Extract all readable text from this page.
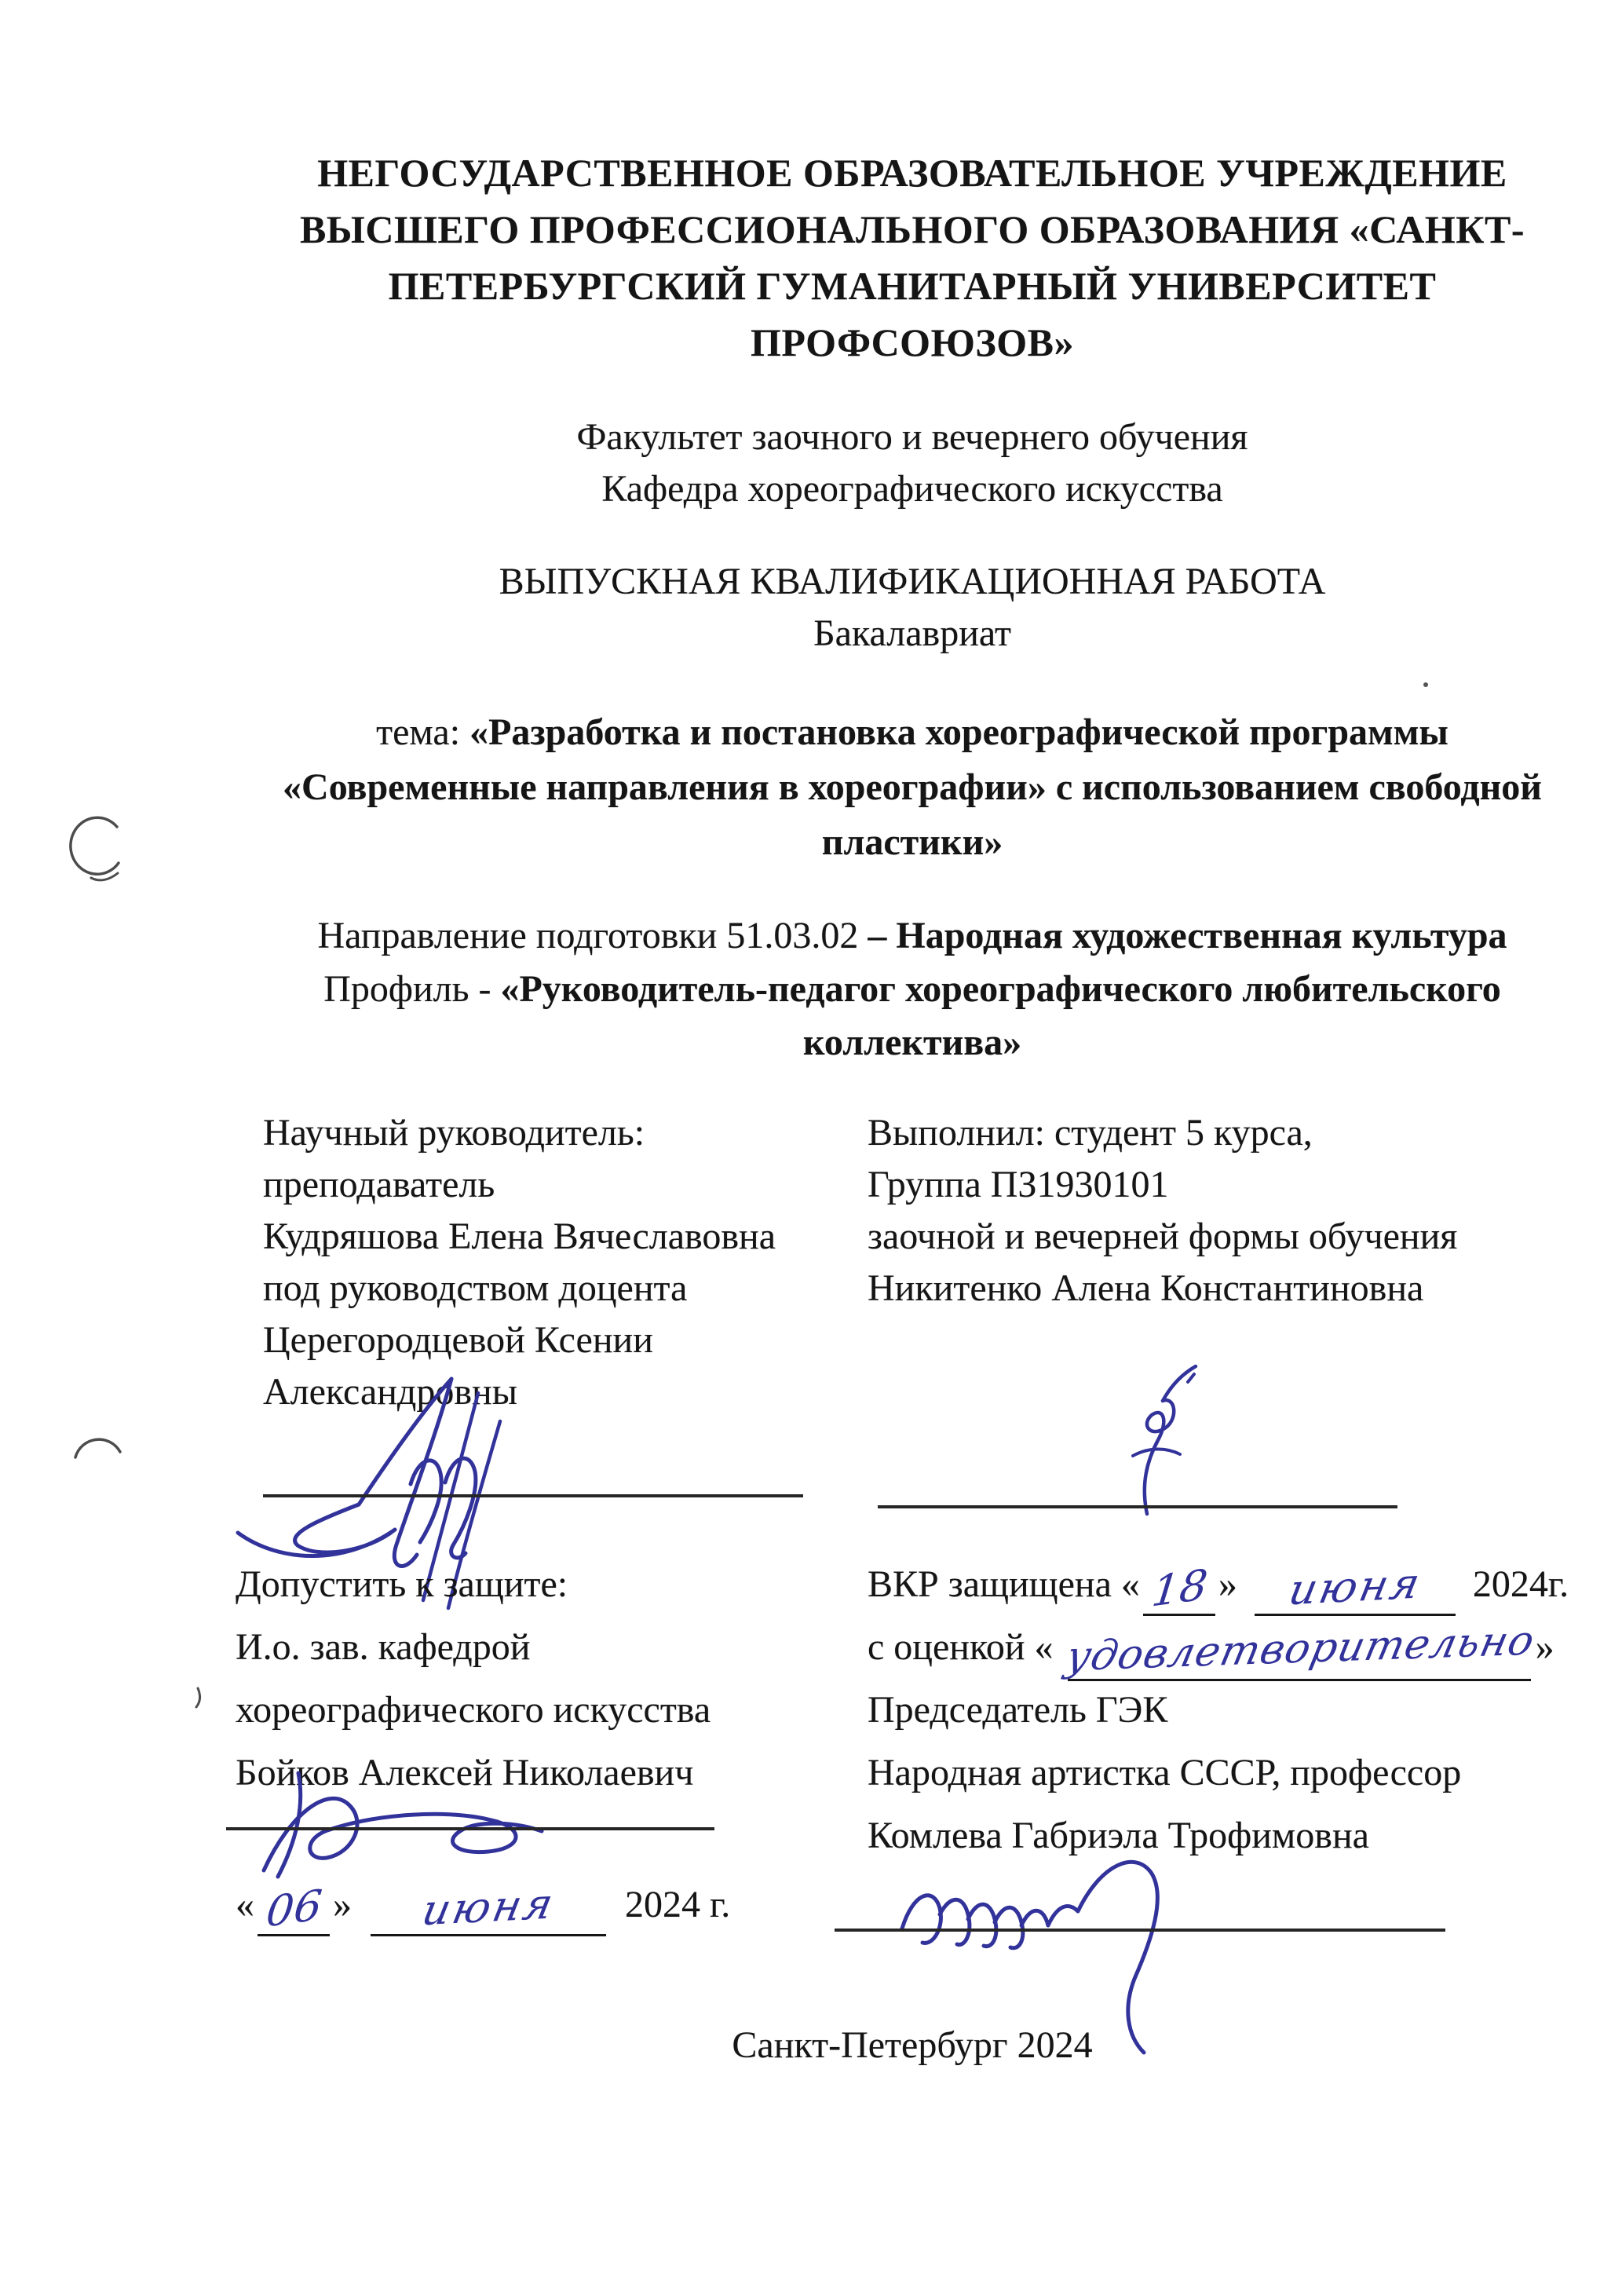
НЕГОСУДАРСТВЕННОЕ ОБРАЗОВАТЕЛЬНОЕ УЧРЕЖДЕНИЕ
ВЫСШЕГО ПРОФЕССИОНАЛЬНОГО ОБРАЗОВАНИЯ «САНКТ-
ПЕТЕРБУРГСКИЙ ГУМАНИТАРНЫЙ УНИВЕРСИТЕТ
ПРОФСОЮЗОВ»
Факультет заочного и вечернего обучения
Кафедра хореографического искусства
ВЫПУСКНАЯ КВАЛИФИКАЦИОННАЯ РАБОТА
Бакалавриат
тема: «Разработка и постановка хореографической программы
«Современные направления в хореографии» с использованием свободной
пластики»
Направление подготовки 51.03.02 – Народная художественная культура
Профиль - «Руководитель-педагог хореографического любительского
коллектива»
Научный руководитель:
преподаватель
Кудряшова Елена Вячеславовна
под руководством доцента
Церегородцевой Ксении
Александровны
Выполнил: студент 5 курса,
Группа ПЗ1930101
заочной и вечерней формы обучения
Никитенко Алена Константиновна
Допустить к защите:
И.о. зав. кафедрой
хореографического искусства
Бойков Алексей Николаевич
ВКР защищена « 18 » июня 2024г.
с оценкой « удовлетворительно»
Председатель ГЭК
Народная артистка СССР, профессор
Комлева Габриэла Трофимовна
« 06 » июня 2024 г.
Санкт-Петербург 2024
